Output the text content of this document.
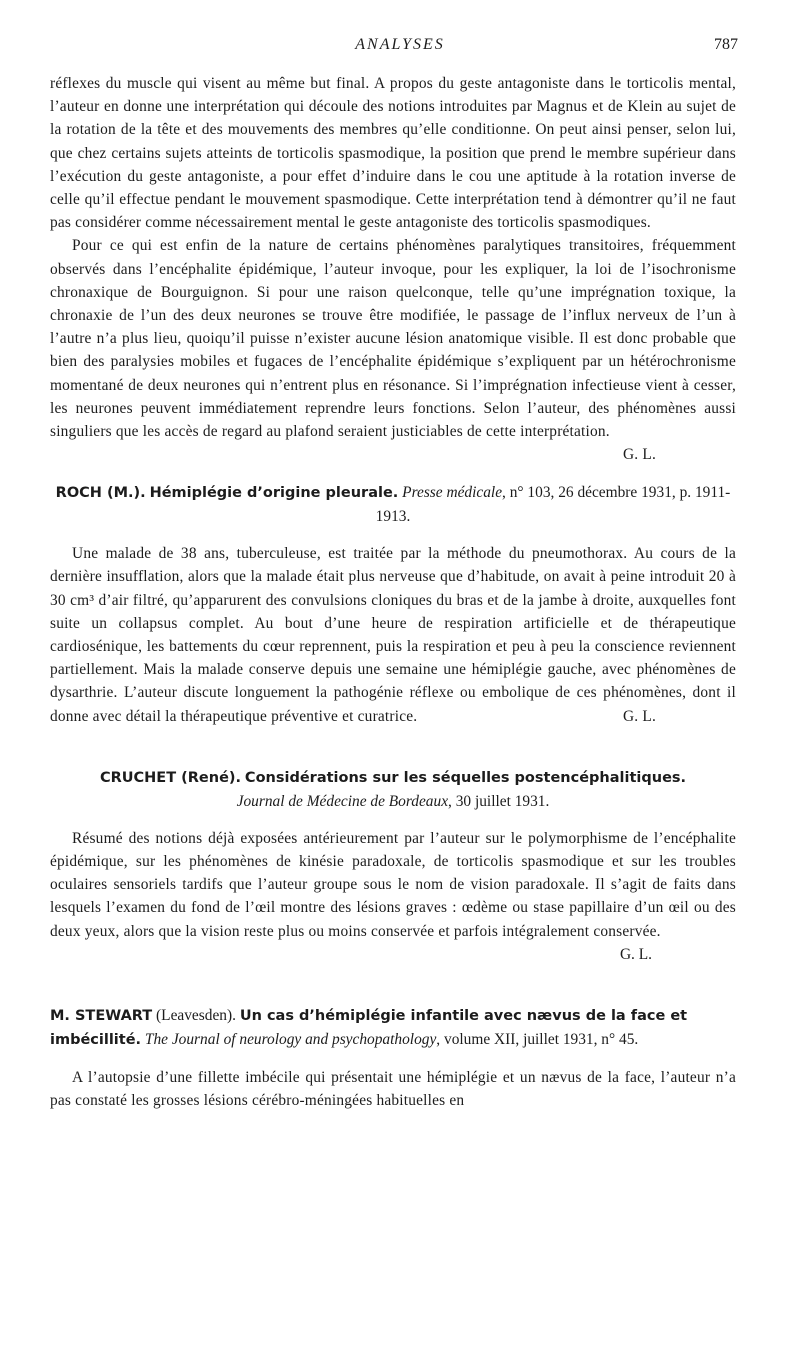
ANALYSES	787

réflexes du muscle qui visent au même but final. A propos du geste antagoniste dans le torticolis mental, l’auteur en donne une interprétation qui découle des notions introduites par Magnus et de Klein au sujet de la rotation de la tête et des mouvements des membres qu’elle conditionne. On peut ainsi penser, selon lui, que chez certains sujets atteints de torticolis spasmodique, la position que prend le membre supérieur dans l’exécution du geste antagoniste, a pour effet d’induire dans le cou une aptitude à la rotation inverse de celle qu’il effectue pendant le mouvement spasmodique. Cette interprétation tend à démontrer qu’il ne faut pas considérer comme nécessairement mental le geste antagoniste des torticolis spasmodiques.

Pour ce qui est enfin de la nature de certains phénomènes paralytiques transitoires, fréquemment observés dans l’encéphalite épidémique, l’auteur invoque, pour les expliquer, la loi de l’isochronisme chronaxique de Bourguignon. Si pour une raison quelconque, telle qu’une imprégnation toxique, la chronaxie de l’un des deux neurones se trouve être modifiée, le passage de l’influx nerveux de l’un à l’autre n’a plus lieu, quoiqu’il puisse n’exister aucune lésion anatomique visible. Il est donc probable que bien des paralysies mobiles et fugaces de l’encéphalite épidémique s’expliquent par un hétérochronisme momentané de deux neurones qui n’entrent plus en résonance. Si l’imprégnation infectieuse vient à cesser, les neurones peuvent immédiatement reprendre leurs fonctions. Selon l’auteur, des phénomènes aussi singuliers que les accès de regard au plafond seraient justiciables de cette interprétation.
G. L.

ROCH (M.). Hémiplégie d’origine pleurale. Presse médicale, n° 103, 26 décembre 1931, p. 1911-1913.

Une malade de 38 ans, tuberculeuse, est traitée par la méthode du pneumothorax. Au cours de la dernière insufflation, alors que la malade était plus nerveuse que d’habitude, on avait à peine introduit 20 à 30 cm³ d’air filtré, qu’apparurent des convulsions cloniques du bras et de la jambe à droite, auxquelles font suite un collapsus complet. Au bout d’une heure de respiration artificielle et de thérapeutique cardiosénique, les battements du cœur reprennent, puis la respiration et peu à peu la conscience reviennent partiellement. Mais la malade conserve depuis une semaine une hémiplégie gauche, avec phénomènes de dysarthrie. L’auteur discute longuement la pathogénie réflexe ou embolique de ces phénomènes, dont il donne avec détail la thérapeutique préventive et curatrice.	G. L.

CRUCHET (René). Considérations sur les séquelles postencéphalitiques.
Journal de Médecine de Bordeaux, 30 juillet 1931.

Résumé des notions déjà exposées antérieurement par l’auteur sur le polymorphisme de l’encéphalite épidémique, sur les phénomènes de kinésie paradoxale, de torticolis spasmodique et sur les troubles oculaires sensoriels tardifs que l’auteur groupe sous le nom de vision paradoxale. Il s’agit de faits dans lesquels l’examen du fond de l’œil montre des lésions graves : œdème ou stase papillaire d’un œil ou des deux yeux, alors que la vision reste plus ou moins conservée et parfois intégralement conservée.

G. L.

M. STEWART (Leavesden). Un cas d’hémiplégie infantile avec nævus de la face et imbécillité. The Journal of neurology and psychopathology, volume XII, juillet 1931, n° 45.

A l’autopsie d’une fillette imbécile qui présentait une hémiplégie et un nævus de la face, l’auteur n’a pas constaté les grosses lésions cérébro-méningées habituelles en
